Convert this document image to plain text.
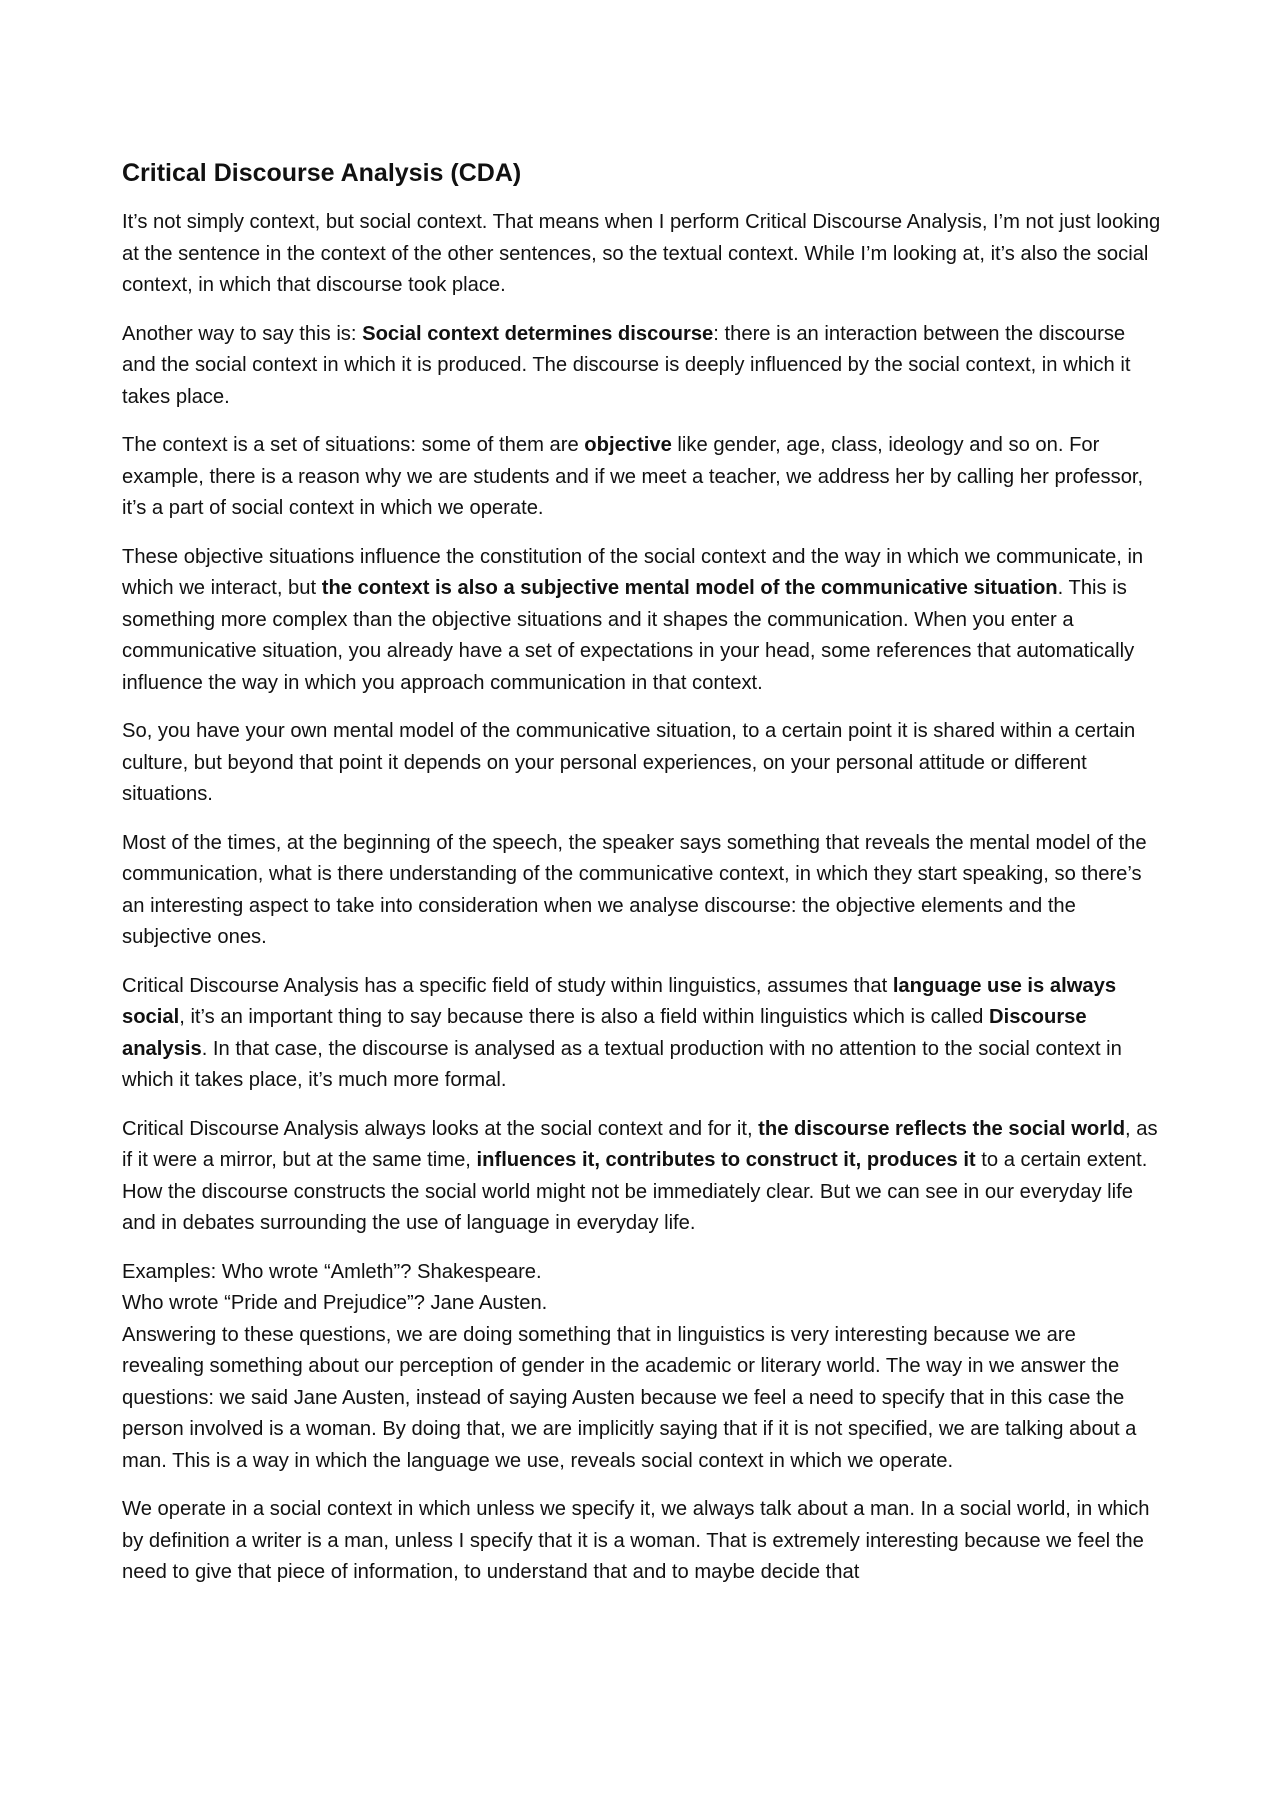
Critical Discourse Analysis (CDA)

It’s not simply context, but social context. That means when I perform Critical Discourse Analysis, I’m not just looking at the sentence in the context of the other sentences, so the textual context. While I’m looking at, it’s also the social context, in which that discourse took place.

Another way to say this is: Social context determines discourse: there is an interaction between the discourse and the social context in which it is produced. The discourse is deeply influenced by the social context, in which it takes place.

The context is a set of situations: some of them are objective like gender, age, class, ideology and so on. For example, there is a reason why we are students and if we meet a teacher, we address her by calling her professor, it’s a part of social context in which we operate.

These objective situations influence the constitution of the social context and the way in which we communicate, in which we interact, but the context is also a subjective mental model of the communicative situation. This is something more complex than the objective situations and it shapes the communication. When you enter a communicative situation, you already have a set of expectations in your head, some references that automatically influence the way in which you approach communication in that context.

So, you have your own mental model of the communicative situation, to a certain point it is shared within a certain culture, but beyond that point it depends on your personal experiences, on your personal attitude or different situations.

Most of the times, at the beginning of the speech, the speaker says something that reveals the mental model of the communication, what is there understanding of the communicative context, in which they start speaking, so there’s an interesting aspect to take into consideration when we analyse discourse: the objective elements and the subjective ones.

Critical Discourse Analysis has a specific field of study within linguistics, assumes that language use is always social, it’s an important thing to say because there is also a field within linguistics which is called Discourse analysis. In that case, the discourse is analysed as a textual production with no attention to the social context in which it takes place, it’s much more formal.

Critical Discourse Analysis always looks at the social context and for it, the discourse reflects the social world, as if it were a mirror, but at the same time, influences it, contributes to construct it, produces it to a certain extent. How the discourse constructs the social world might not be immediately clear. But we can see in our everyday life and in debates surrounding the use of language in everyday life.

Examples: Who wrote “Amleth”? Shakespeare.
Who wrote “Pride and Prejudice”? Jane Austen.
Answering to these questions, we are doing something that in linguistics is very interesting because we are revealing something about our perception of gender in the academic or literary world. The way in we answer the questions: we said Jane Austen, instead of saying Austen because we feel a need to specify that in this case the person involved is a woman. By doing that, we are implicitly saying that if it is not specified, we are talking about a man. This is a way in which the language we use, reveals social context in which we operate.

We operate in a social context in which unless we specify it, we always talk about a man. In a social world, in which by definition a writer is a man, unless I specify that it is a woman. That is extremely interesting because we feel the need to give that piece of information, to understand that and to maybe decide that
